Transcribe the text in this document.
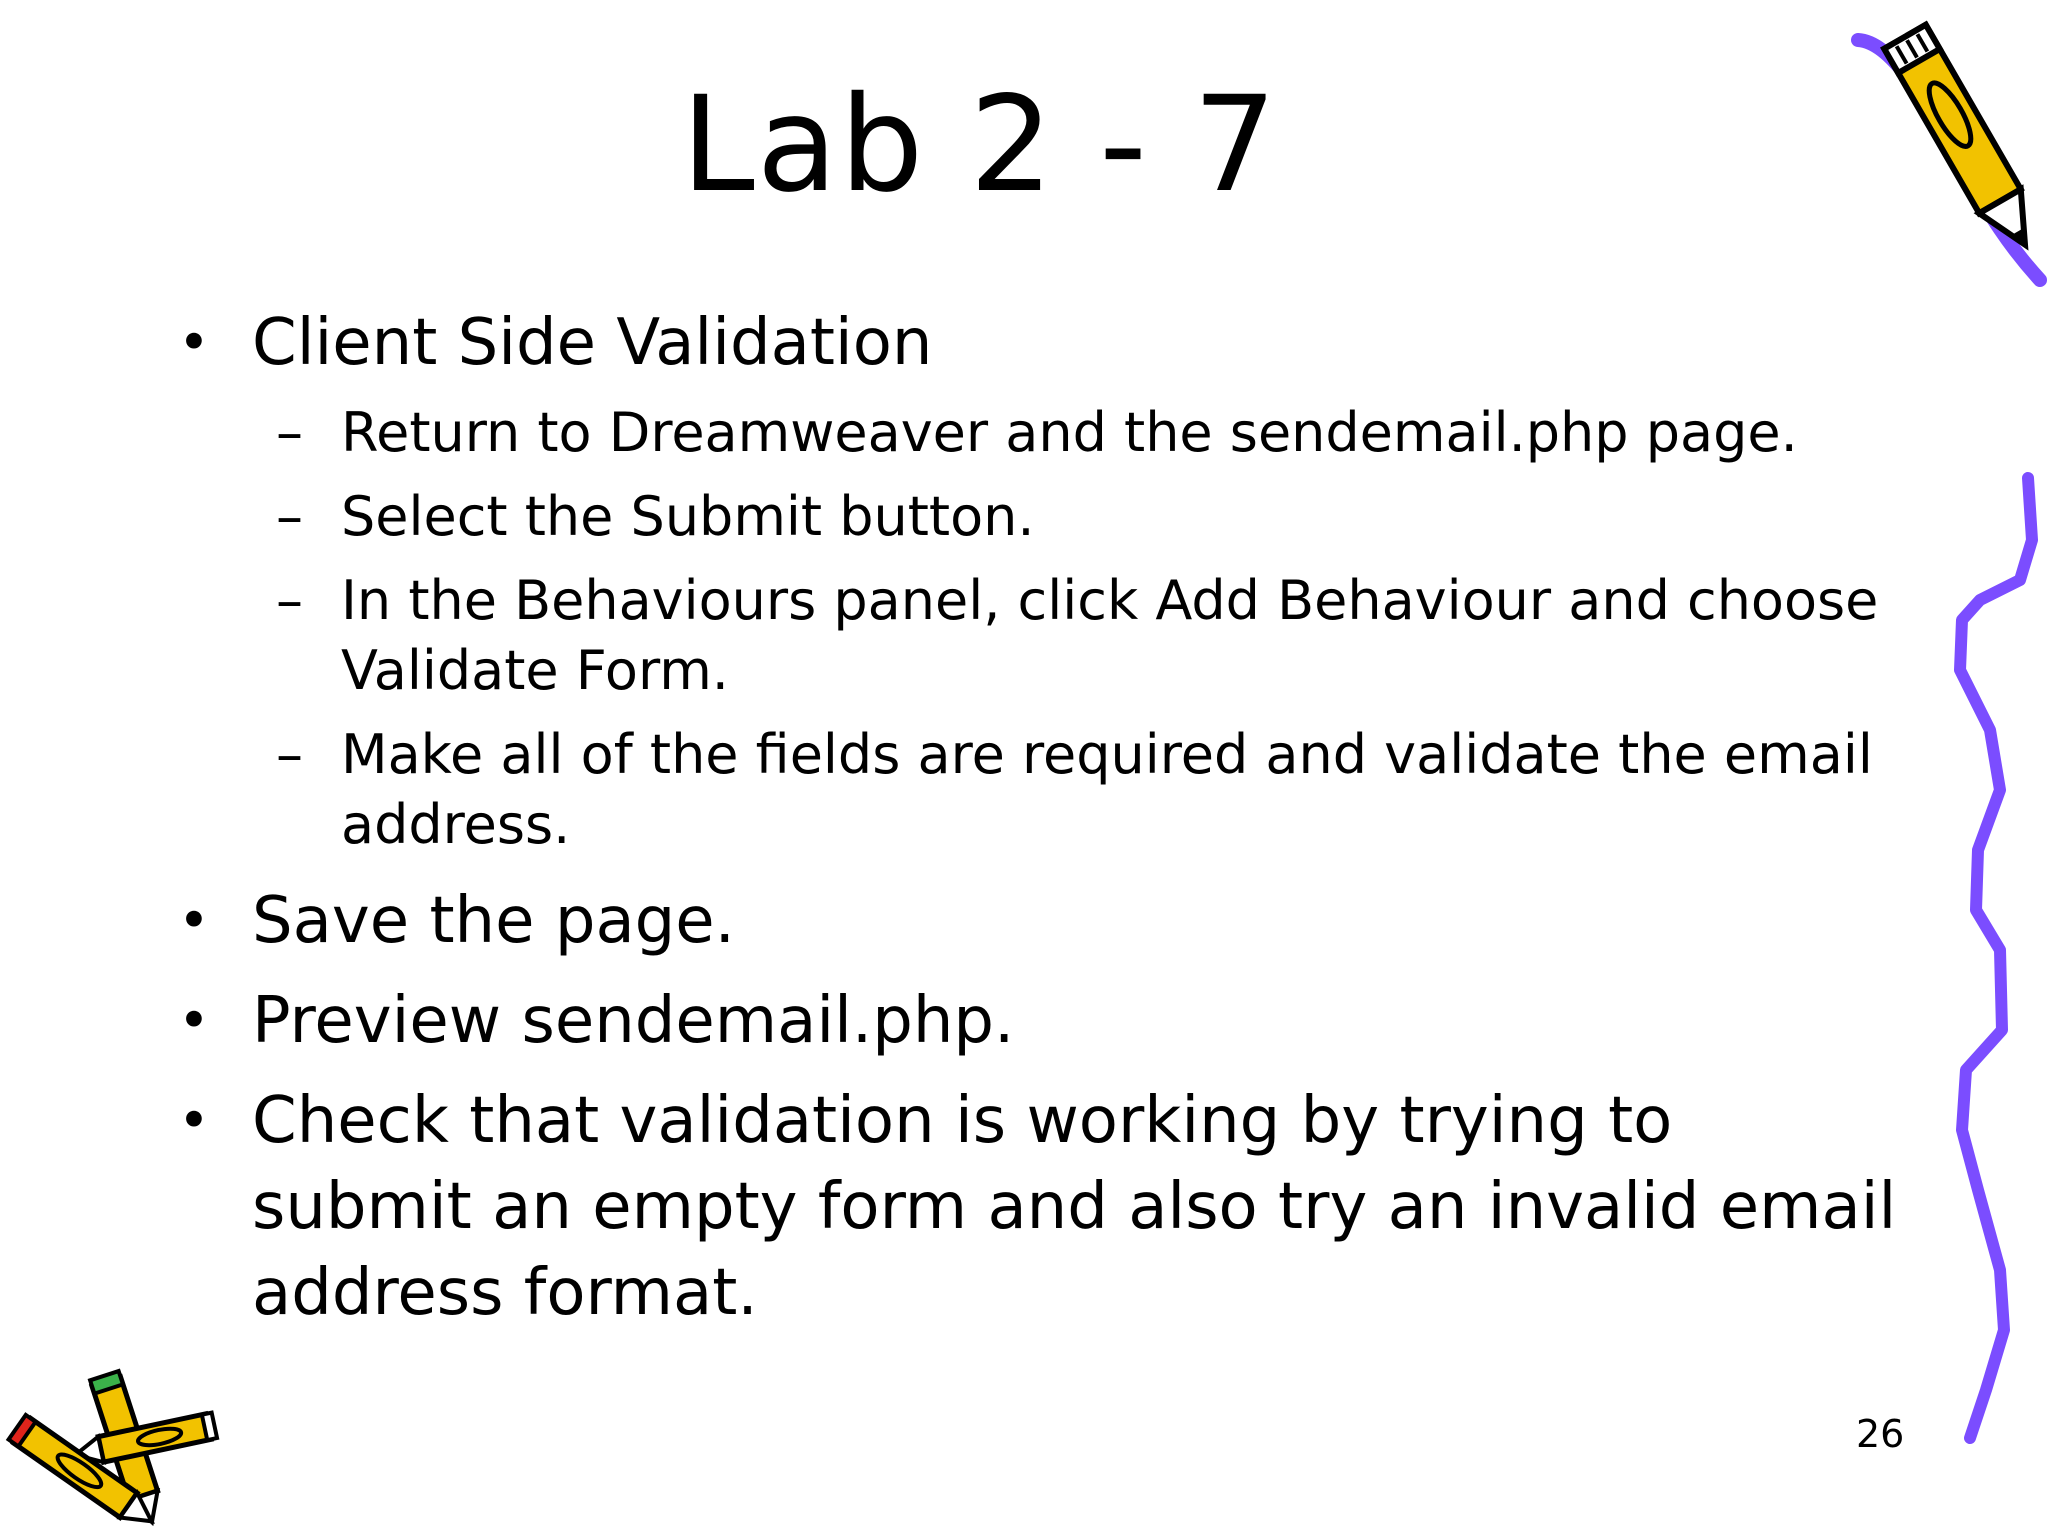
Lab 2 - 7
• Client Side Validation
– Return to Dreamweaver and the sendemail.php page.
– Select the Submit button.
– In the Behaviours panel, click Add Behaviour and choose Validate Form.
– Make all of the fields are required and validate the email address.
• Save the page.
• Preview sendemail.php.
• Check that validation is working by trying to submit an empty form and also try an invalid email address format.
26
